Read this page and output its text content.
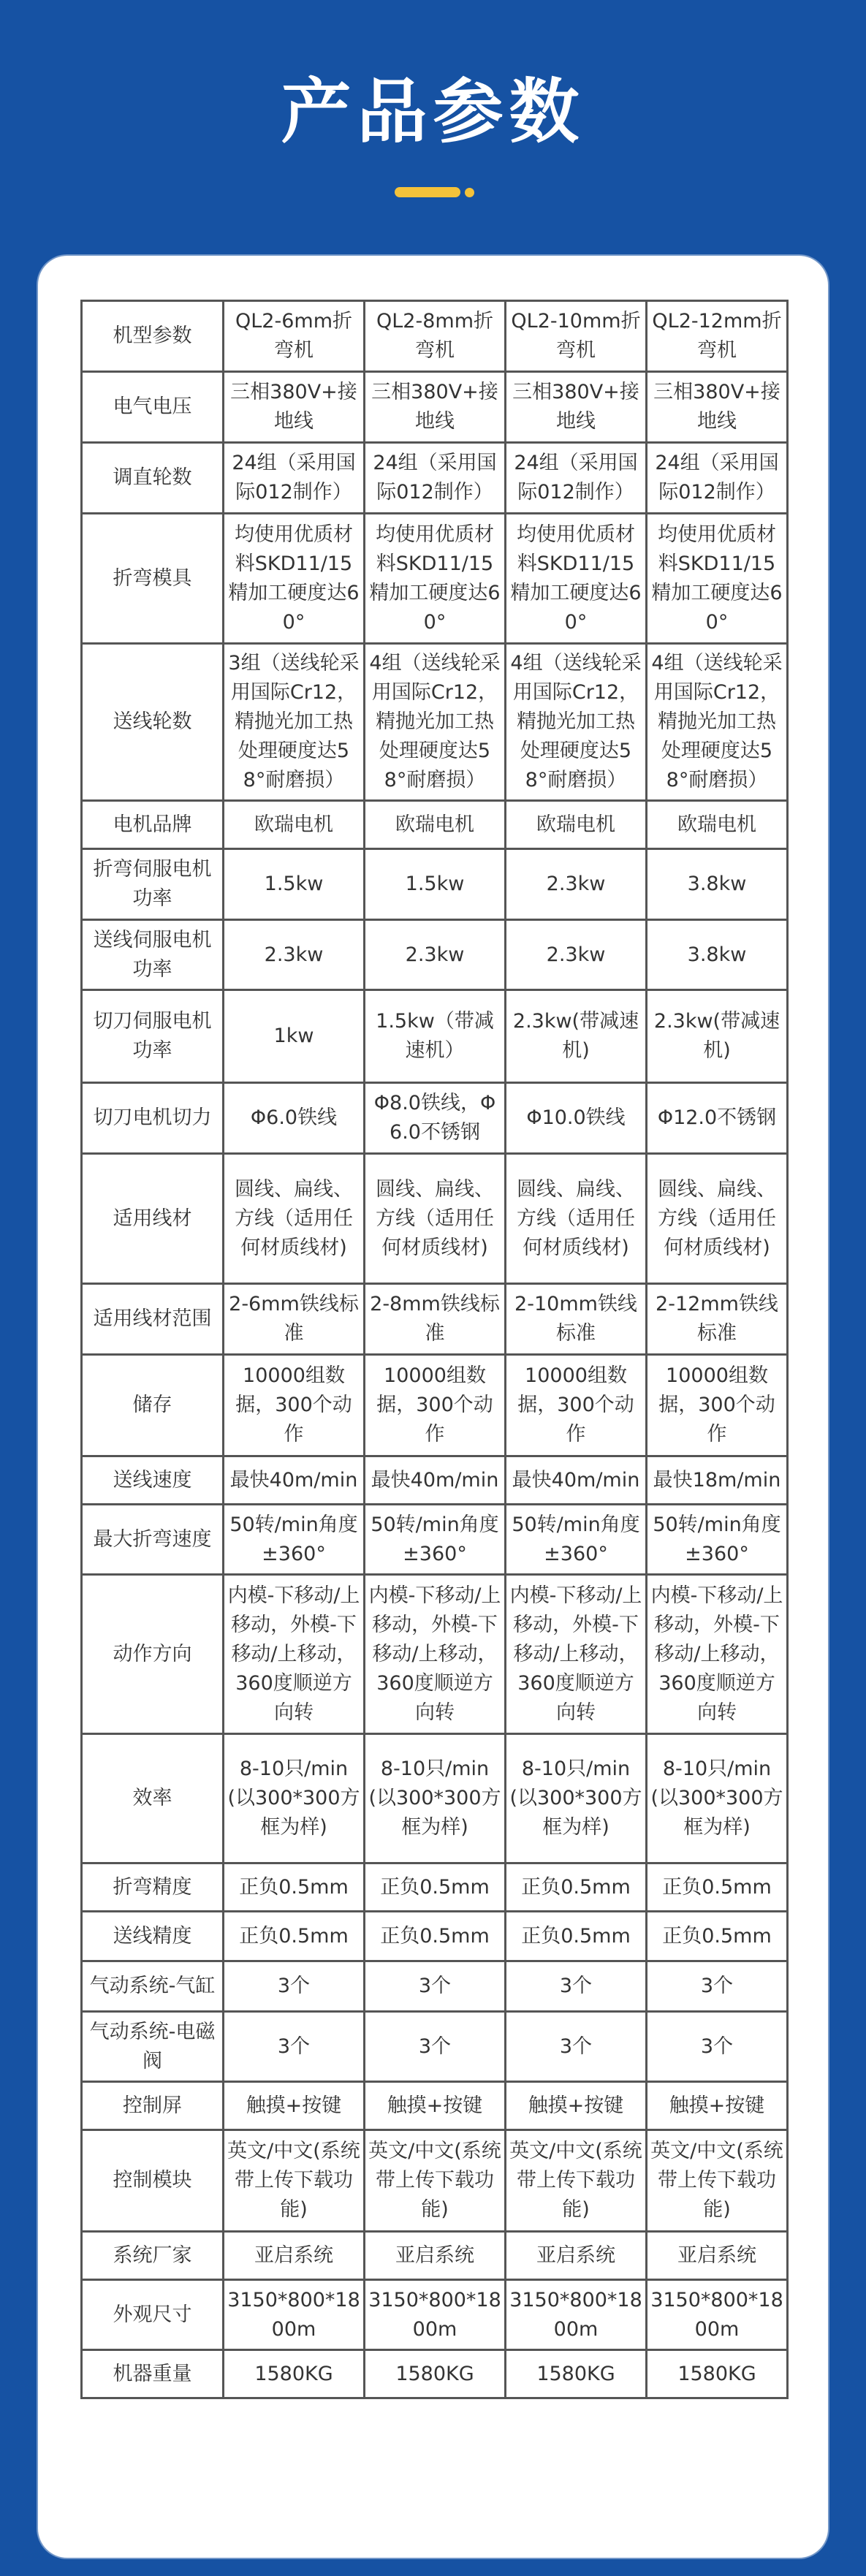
产品参数
机型参数	QL2-6mm折弯机	QL2-8mm折弯机	QL2-10mm折弯机	QL2-12mm折弯机
电气电压	三相380V+接地线	三相380V+接地线	三相380V+接地线	三相380V+接地线
调直轮数	24组（采用国际012制作）	24组（采用国际012制作）	24组（采用国际012制作）	24组（采用国际012制作）
折弯模具	均使用优质材料SKD11/15精加工硬度达60°	均使用优质材料SKD11/15精加工硬度达60°	均使用优质材料SKD11/15精加工硬度达60°	均使用优质材料SKD11/15精加工硬度达60°
送线轮数	3组（送线轮采用国际Cr12，精抛光加工热处理硬度达58°耐磨损）	4组（送线轮采用国际Cr12，精抛光加工热处理硬度达58°耐磨损）	4组（送线轮采用国际Cr12，精抛光加工热处理硬度达58°耐磨损）	4组（送线轮采用国际Cr12，精抛光加工热处理硬度达58°耐磨损）
电机品牌	欧瑞电机	欧瑞电机	欧瑞电机	欧瑞电机
折弯伺服电机功率	1.5kw	1.5kw	2.3kw	3.8kw
送线伺服电机功率	2.3kw	2.3kw	2.3kw	3.8kw
切刀伺服电机功率	1kw	1.5kw（带减速机）	2.3kw(带减速机)	2.3kw(带减速机)
切刀电机切力	Φ6.0铁线	Φ8.0铁线，Φ6.0不锈钢	Φ10.0铁线	Φ12.0不锈钢
适用线材	圆线、扁线、方线（适用任何材质线材)	圆线、扁线、方线（适用任何材质线材)	圆线、扁线、方线（适用任何材质线材)	圆线、扁线、方线（适用任何材质线材)
适用线材范围	2-6mm铁线标准	2-8mm铁线标准	2-10mm铁线标准	2-12mm铁线标准
储存	10000组数据，300个动作	10000组数据，300个动作	10000组数据，300个动作	10000组数据，300个动作
送线速度	最快40m/min	最快40m/min	最快40m/min	最快18m/min
最大折弯速度	50转/min角度±360°	50转/min角度±360°	50转/min角度±360°	50转/min角度±360°
动作方向	内模-下移动/上移动，外模-下移动/上移动，360度顺逆方向转	内模-下移动/上移动，外模-下移动/上移动，360度顺逆方向转	内模-下移动/上移动，外模-下移动/上移动，360度顺逆方向转	内模-下移动/上移动，外模-下移动/上移动，360度顺逆方向转
效率	8-10只/min(以300*300方框为样)	8-10只/min(以300*300方框为样)	8-10只/min(以300*300方框为样)	8-10只/min(以300*300方框为样)
折弯精度	正负0.5mm	正负0.5mm	正负0.5mm	正负0.5mm
送线精度	正负0.5mm	正负0.5mm	正负0.5mm	正负0.5mm
气动系统-气缸	3个	3个	3个	3个
气动系统-电磁阀	3个	3个	3个	3个
控制屏	触摸+按键	触摸+按键	触摸+按键	触摸+按键
控制模块	英文/中文(系统带上传下载功能)	英文/中文(系统带上传下载功能)	英文/中文(系统带上传下载功能)	英文/中文(系统带上传下载功能)
系统厂家	亚启系统	亚启系统	亚启系统	亚启系统
外观尺寸	3150*800*1800m	3150*800*1800m	3150*800*1800m	3150*800*1800m
机器重量	1580KG	1580KG	1580KG	1580KG
